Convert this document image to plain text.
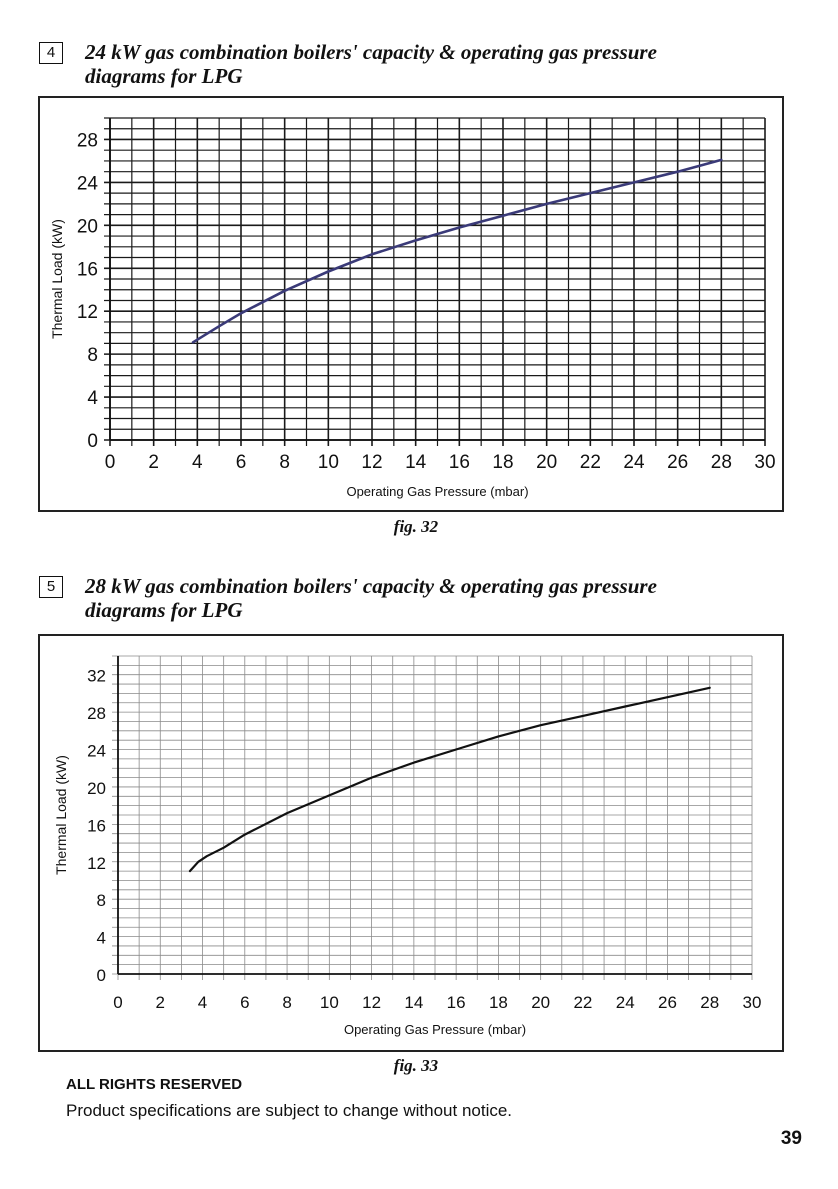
4	24 kW gas combination boilers' capacity & operating gas pressure diagrams for LPG
0 2 4 6 8 10 12 14 16 18 20 22 24 26 28 30
0
4
8
12
16
20
24
28
Operating Gas Pressure (mbar)
Thermal Load (kW)
fig. 32
5	28 kW gas combination boilers' capacity & operating gas pressure diagrams for LPG
0 2 4 6 8 10 12 14 16 18 20 22 24 26 28 30
0
4
8
12
16
20
24
28
32
Operating Gas Pressure (mbar)
Thermal Load (kW)
fig. 33
ALL RIGHTS RESERVED
Product specifications are subject to change without notice.
39
